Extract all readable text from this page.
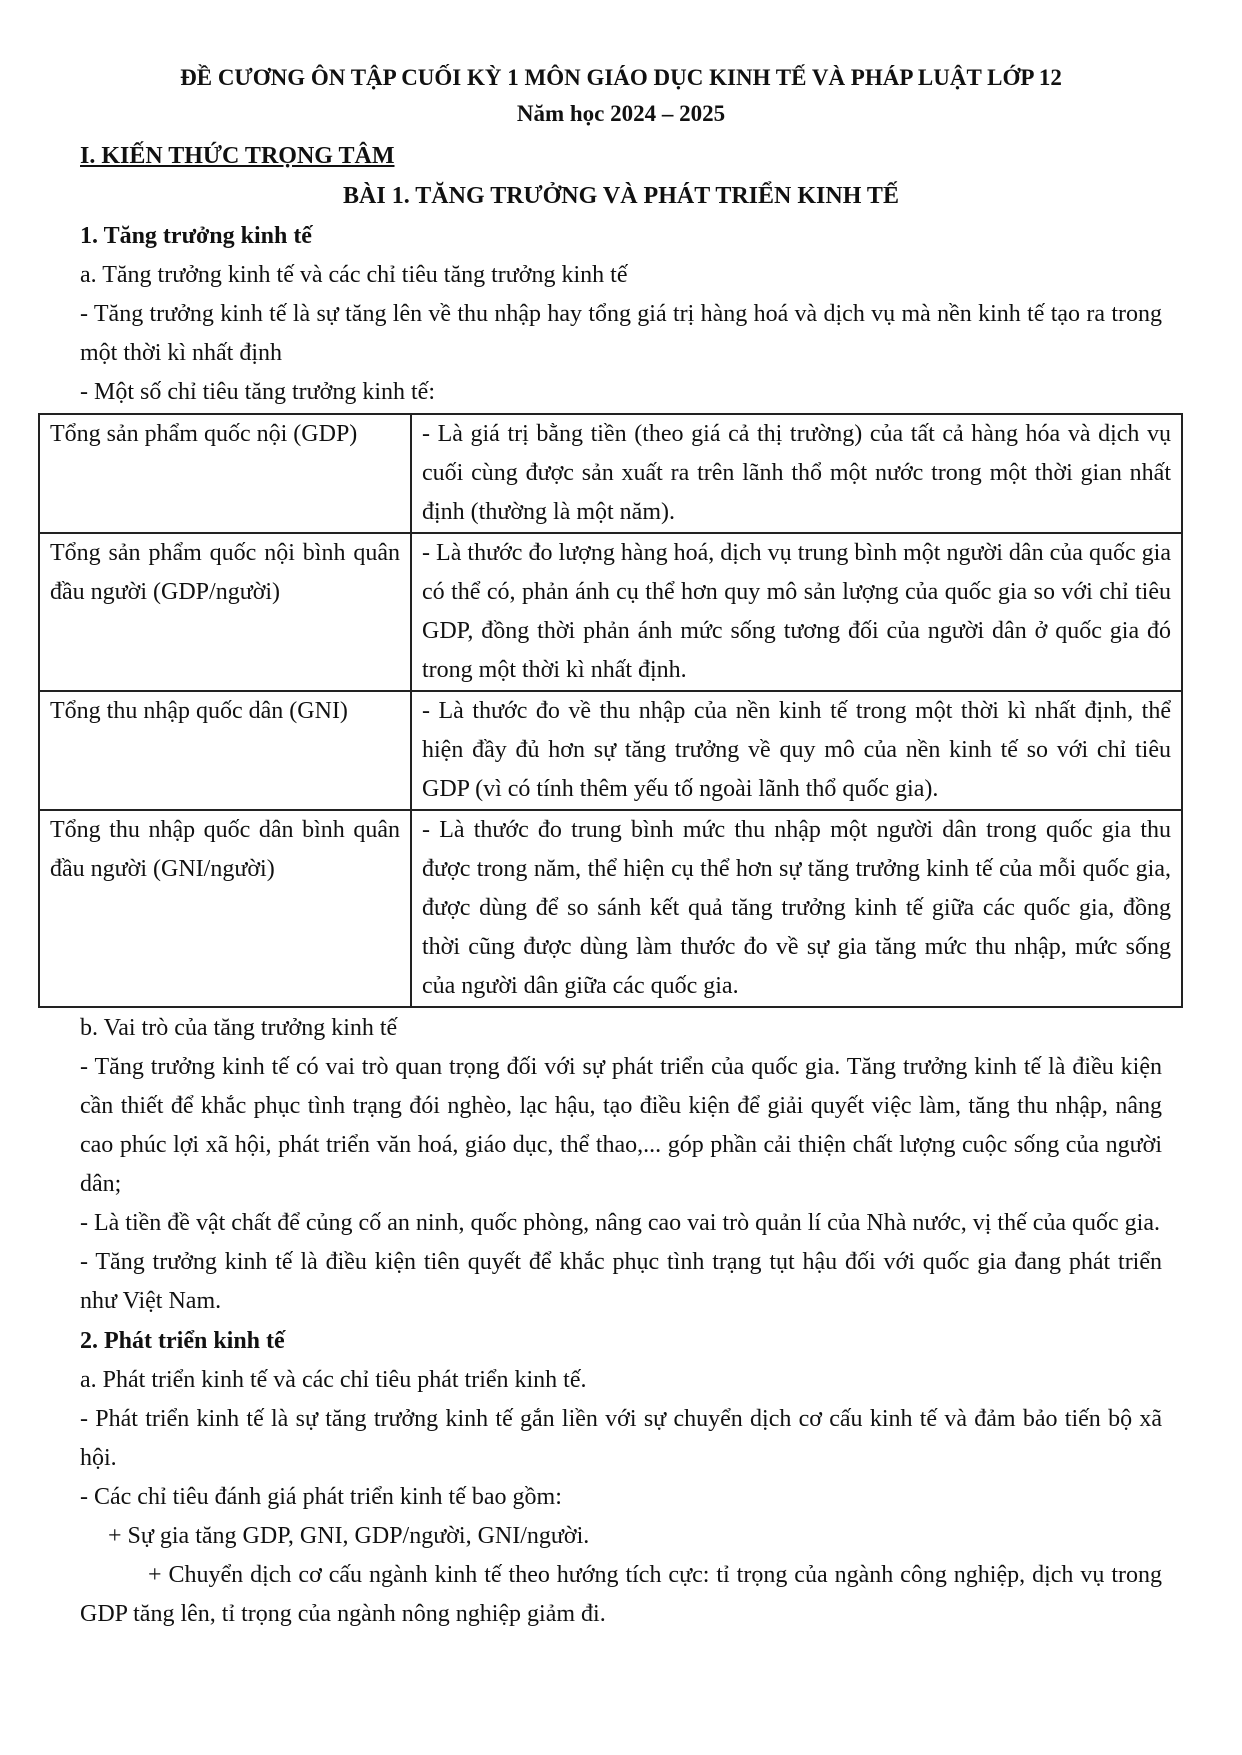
ĐỀ CƯƠNG ÔN TẬP CUỐI KỲ 1 MÔN GIÁO DỤC KINH TẾ VÀ PHÁP LUẬT LỚP 12
Năm học 2024 – 2025
I. KIẾN THỨC TRỌNG TÂM
BÀI 1. TĂNG TRƯỞNG VÀ PHÁT TRIỂN KINH TẾ
1. Tăng trưởng kinh tế

a. Tăng trưởng kinh tế và các chỉ tiêu tăng trưởng kinh tế

- Tăng trưởng kinh tế là sự tăng lên về thu nhập hay tổng giá trị hàng hoá và dịch vụ mà nền kinh tế tạo ra trong một thời kì nhất định

- Một số chỉ tiêu tăng trưởng kinh tế:

Tổng sản phẩm quốc nội (GDP)	- Là giá trị bằng tiền (theo giá cả thị trường) của tất cả hàng hóa và dịch vụ cuối cùng được sản xuất ra trên lãnh thổ một nước trong một thời gian nhất định (thường là một năm).
Tổng sản phẩm quốc nội bình quân đầu người (GDP/người)	- Là thước đo lượng hàng hoá, dịch vụ trung bình một người dân của quốc gia có thể có, phản ánh cụ thể hơn quy mô sản lượng của quốc gia so với chỉ tiêu GDP, đồng thời phản ánh mức sống tương đối của người dân ở quốc gia đó trong một thời kì nhất định.
Tổng thu nhập quốc dân (GNI)	- Là thước đo về thu nhập của nền kinh tế trong một thời kì nhất định, thể hiện đầy đủ hơn sự tăng trưởng về quy mô của nền kinh tế so với chỉ tiêu GDP (vì có tính thêm yếu tố ngoài lãnh thổ quốc gia).
Tổng thu nhập quốc dân bình quân đầu người (GNI/người)	- Là thước đo trung bình mức thu nhập một người dân trong quốc gia thu được trong năm, thể hiện cụ thể hơn sự tăng trưởng kinh tế của mỗi quốc gia, được dùng để so sánh kết quả tăng trưởng kinh tế giữa các quốc gia, đồng thời cũng được dùng làm thước đo về sự gia tăng mức thu nhập, mức sống của người dân giữa các quốc gia.

b. Vai trò của tăng trưởng kinh tế

- Tăng trưởng kinh tế có vai trò quan trọng đối với sự phát triển của quốc gia. Tăng trưởng kinh tế là điều kiện cần thiết để khắc phục tình trạng đói nghèo, lạc hậu, tạo điều kiện để giải quyết việc làm, tăng thu nhập, nâng cao phúc lợi xã hội, phát triển văn hoá, giáo dục, thể thao,... góp phần cải thiện chất lượng cuộc sống của người dân;

- Là tiền đề vật chất để củng cố an ninh, quốc phòng, nâng cao vai trò quản lí của Nhà nước, vị thế của quốc gia.

- Tăng trưởng kinh tế là điều kiện tiên quyết để khắc phục tình trạng tụt hậu đối với quốc gia đang phát triển như Việt Nam.

2. Phát triển kinh tế

a. Phát triển kinh tế và các chỉ tiêu phát triển kinh tế.

- Phát triển kinh tế là sự tăng trưởng kinh tế gắn liền với sự chuyển dịch cơ cấu kinh tế và đảm bảo tiến bộ xã hội.

- Các chỉ tiêu đánh giá phát triển kinh tế bao gồm:

+ Sự gia tăng GDP, GNI, GDP/người, GNI/người.

+ Chuyển dịch cơ cấu ngành kinh tế theo hướng tích cực: tỉ trọng của ngành công nghiệp, dịch vụ trong GDP tăng lên, tỉ trọng của ngành nông nghiệp giảm đi.
